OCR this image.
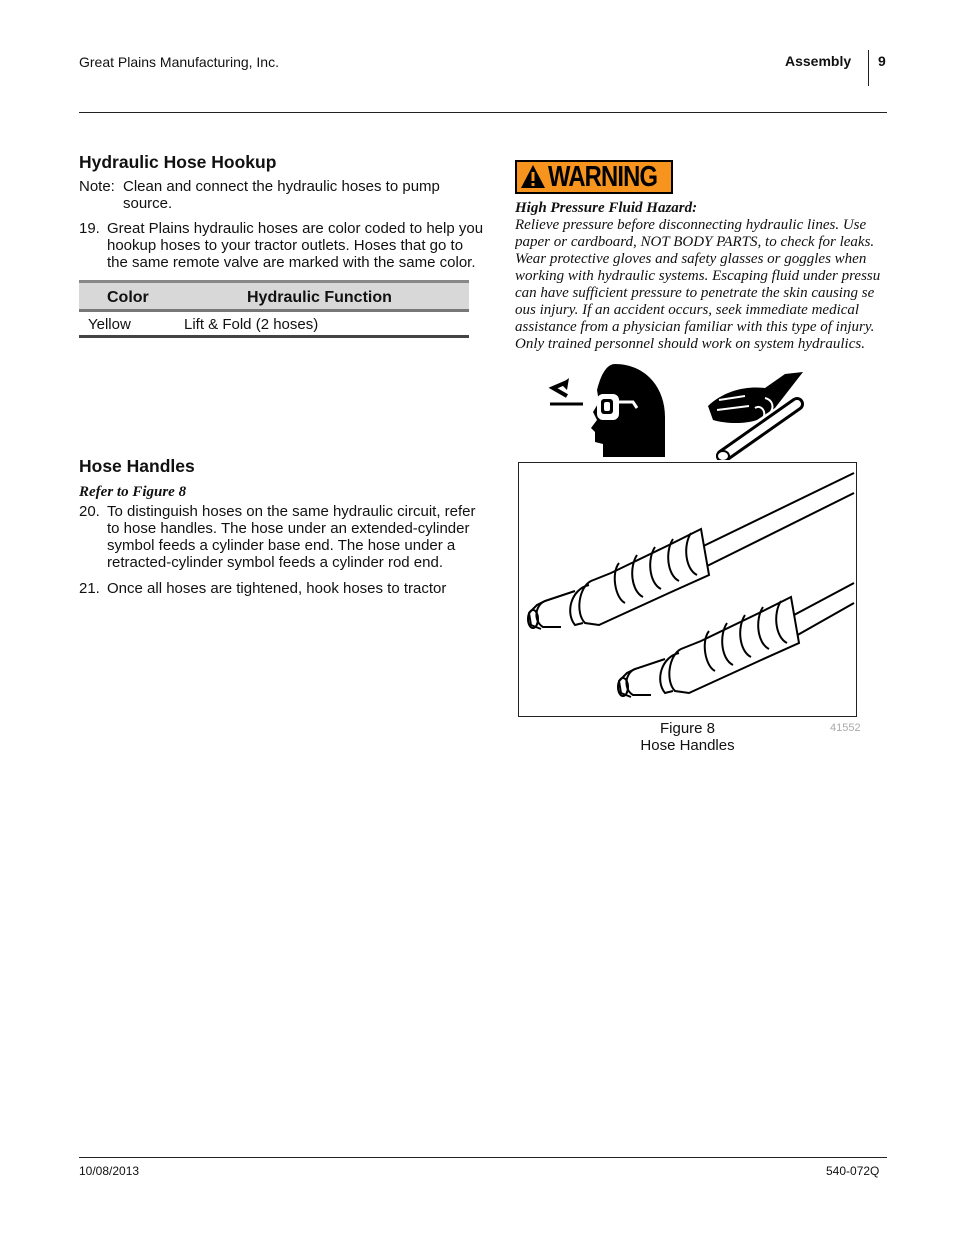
Great Plains Manufacturing, Inc.	Assembly 9
Hydraulic Hose Hookup
Note: Clean and connect the hydraulic hoses to pump
source.
19. Great Plains hydraulic hoses are color coded to help you
hookup hoses to your tractor outlets. Hoses that go to
the same remote valve are marked with the same color.
Color	Hydraulic Function
Yellow	Lift & Fold (2 hoses)
Hose Handles
Refer to Figure 8
20. To distinguish hoses on the same hydraulic circuit, refer
to hose handles. The hose under an extended-cylinder
symbol feeds a cylinder base end. The hose under a
retracted-cylinder symbol feeds a cylinder rod end.
21. Once all hoses are tightened, hook hoses to tractor
WARNING
High Pressure Fluid Hazard:
Relieve pressure before disconnecting hydraulic lines. Use
paper or cardboard, NOT BODY PARTS, to check for leaks.
Wear protective gloves and safety glasses or goggles when
working with hydraulic systems. Escaping fluid under pressu
can have sufficient pressure to penetrate the skin causing se
ous injury. If an accident occurs, seek immediate medical
assistance from a physician familiar with this type of injury.
Only trained personnel should work on system hydraulics.
Figure 8
Hose Handles
41552
10/08/2013	540-072Q
